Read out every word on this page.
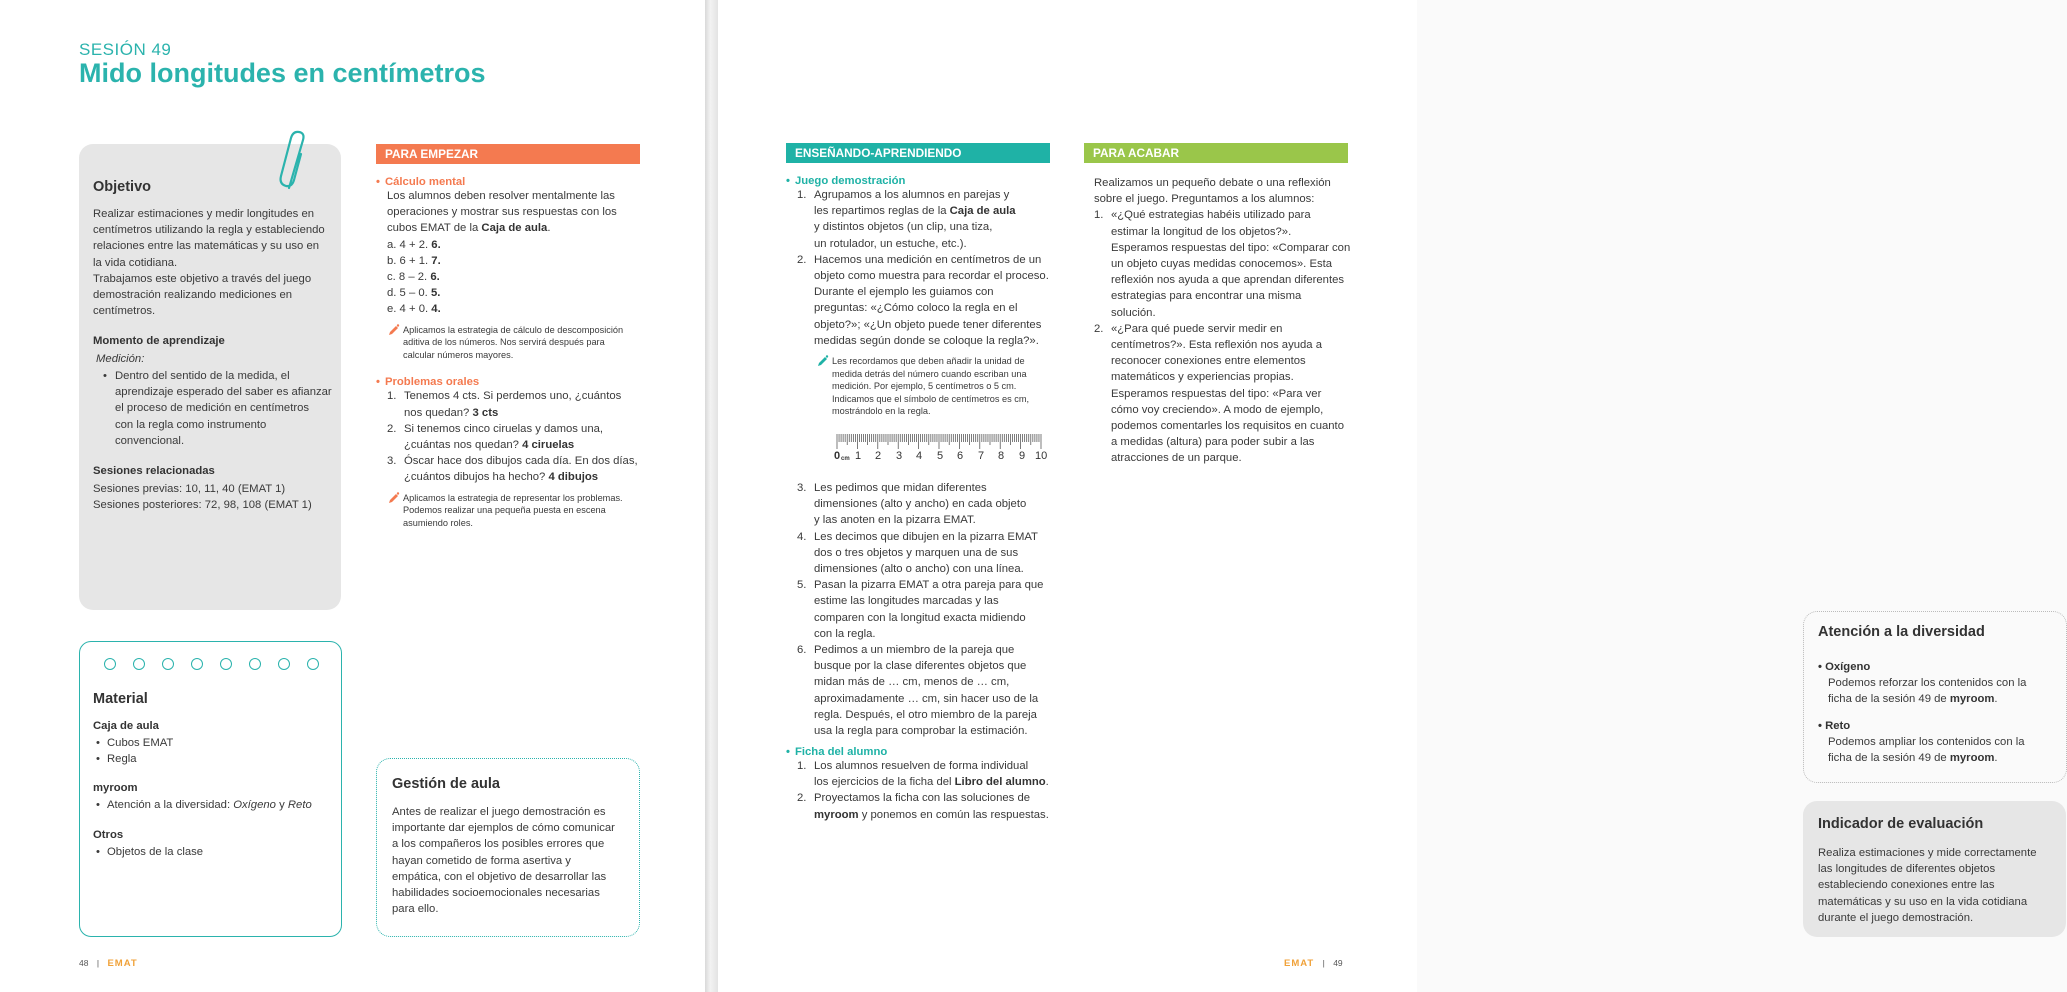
SESIÓN 49
Mido longitudes en centímetros
Objetivo
Realizar estimaciones y medir longitudes en
centímetros utilizando la regla y estableciendo
relaciones entre las matemáticas y su uso en
la vida cotidiana.
Trabajamos este objetivo a través del juego
demostración realizando mediciones en
centímetros.
Momento de aprendizaje
Medición:
• Dentro del sentido de la medida, el
aprendizaje esperado del saber es afianzar
el proceso de medición en centímetros
con la regla como instrumento
convencional.
Sesiones relacionadas
Sesiones previas: 10, 11, 40 (EMAT 1)
Sesiones posteriores: 72, 98, 108 (EMAT 1)
Material
Caja de aula
• Cubos EMAT
• Regla
myroom
• Atención a la diversidad: Oxígeno y Reto
Otros
• Objetos de la clase
PARA EMPEZAR
• Cálculo mental
Los alumnos deben resolver mentalmente las
operaciones y mostrar sus respuestas con los
cubos EMAT de la Caja de aula.
a. 4 + 2. 6.
b. 6 + 1. 7.
c. 8 – 2. 6.
d. 5 – 0. 5.
e. 4 + 0. 4.
Aplicamos la estrategia de cálculo de descomposición
aditiva de los números. Nos servirá después para
calcular números mayores.
• Problemas orales
1. Tenemos 4 cts. Si perdemos uno, ¿cuántos
nos quedan? 3 cts
2. Si tenemos cinco ciruelas y damos una,
¿cuántas nos quedan? 4 ciruelas
3. Óscar hace dos dibujos cada día. En dos días,
¿cuántos dibujos ha hecho? 4 dibujos
Aplicamos la estrategia de representar los problemas.
Podemos realizar una pequeña puesta en escena
asumiendo roles.
Gestión de aula
Antes de realizar el juego demostración es
importante dar ejemplos de cómo comunicar
a los compañeros los posibles errores que
hayan cometido de forma asertiva y
empática, con el objetivo de desarrollar las
habilidades socioemocionales necesarias
para ello.
48 | EMAT
ENSEÑANDO-APRENDIENDO
• Juego demostración
1. Agrupamos a los alumnos en parejas y
les repartimos reglas de la Caja de aula
y distintos objetos (un clip, una tiza,
un rotulador, un estuche, etc.).
2. Hacemos una medición en centímetros de un
objeto como muestra para recordar el proceso.
Durante el ejemplo les guiamos con
preguntas: «¿Cómo coloco la regla en el
objeto?»; «¿Un objeto puede tener diferentes
medidas según donde se coloque la regla?».
Les recordamos que deben añadir la unidad de
medida detrás del número cuando escriban una
medición. Por ejemplo, 5 centímetros o 5 cm.
Indicamos que el símbolo de centímetros es cm,
mostrándolo en la regla.
0 cm 1 2 3 4 5 6 7 8 9 10
3. Les pedimos que midan diferentes
dimensiones (alto y ancho) en cada objeto
y las anoten en la pizarra EMAT.
4. Les decimos que dibujen en la pizarra EMAT
dos o tres objetos y marquen una de sus
dimensiones (alto o ancho) con una línea.
5. Pasan la pizarra EMAT a otra pareja para que
estime las longitudes marcadas y las
comparen con la longitud exacta midiendo
con la regla.
6. Pedimos a un miembro de la pareja que
busque por la clase diferentes objetos que
midan más de … cm, menos de … cm,
aproximadamente … cm, sin hacer uso de la
regla. Después, el otro miembro de la pareja
usa la regla para comprobar la estimación.
• Ficha del alumno
1. Los alumnos resuelven de forma individual
los ejercicios de la ficha del Libro del alumno.
2. Proyectamos la ficha con las soluciones de
myroom y ponemos en común las respuestas.
PARA ACABAR
Realizamos un pequeño debate o una reflexión
sobre el juego. Preguntamos a los alumnos:
1. «¿Qué estrategias habéis utilizado para
estimar la longitud de los objetos?».
Esperamos respuestas del tipo: «Comparar con
un objeto cuyas medidas conocemos». Esta
reflexión nos ayuda a que aprendan diferentes
estrategias para encontrar una misma
solución.
2. «¿Para qué puede servir medir en
centímetros?». Esta reflexión nos ayuda a
reconocer conexiones entre elementos
matemáticos y experiencias propias.
Esperamos respuestas del tipo: «Para ver
cómo voy creciendo». A modo de ejemplo,
podemos comentarles los requisitos en cuanto
a medidas (altura) para poder subir a las
atracciones de un parque.
Atención a la diversidad
• Oxígeno
Podemos reforzar los contenidos con la
ficha de la sesión 49 de myroom.
• Reto
Podemos ampliar los contenidos con la
ficha de la sesión 49 de myroom.
Indicador de evaluación
Realiza estimaciones y mide correctamente
las longitudes de diferentes objetos
estableciendo conexiones entre las
matemáticas y su uso en la vida cotidiana
durante el juego demostración.
EMAT | 49
